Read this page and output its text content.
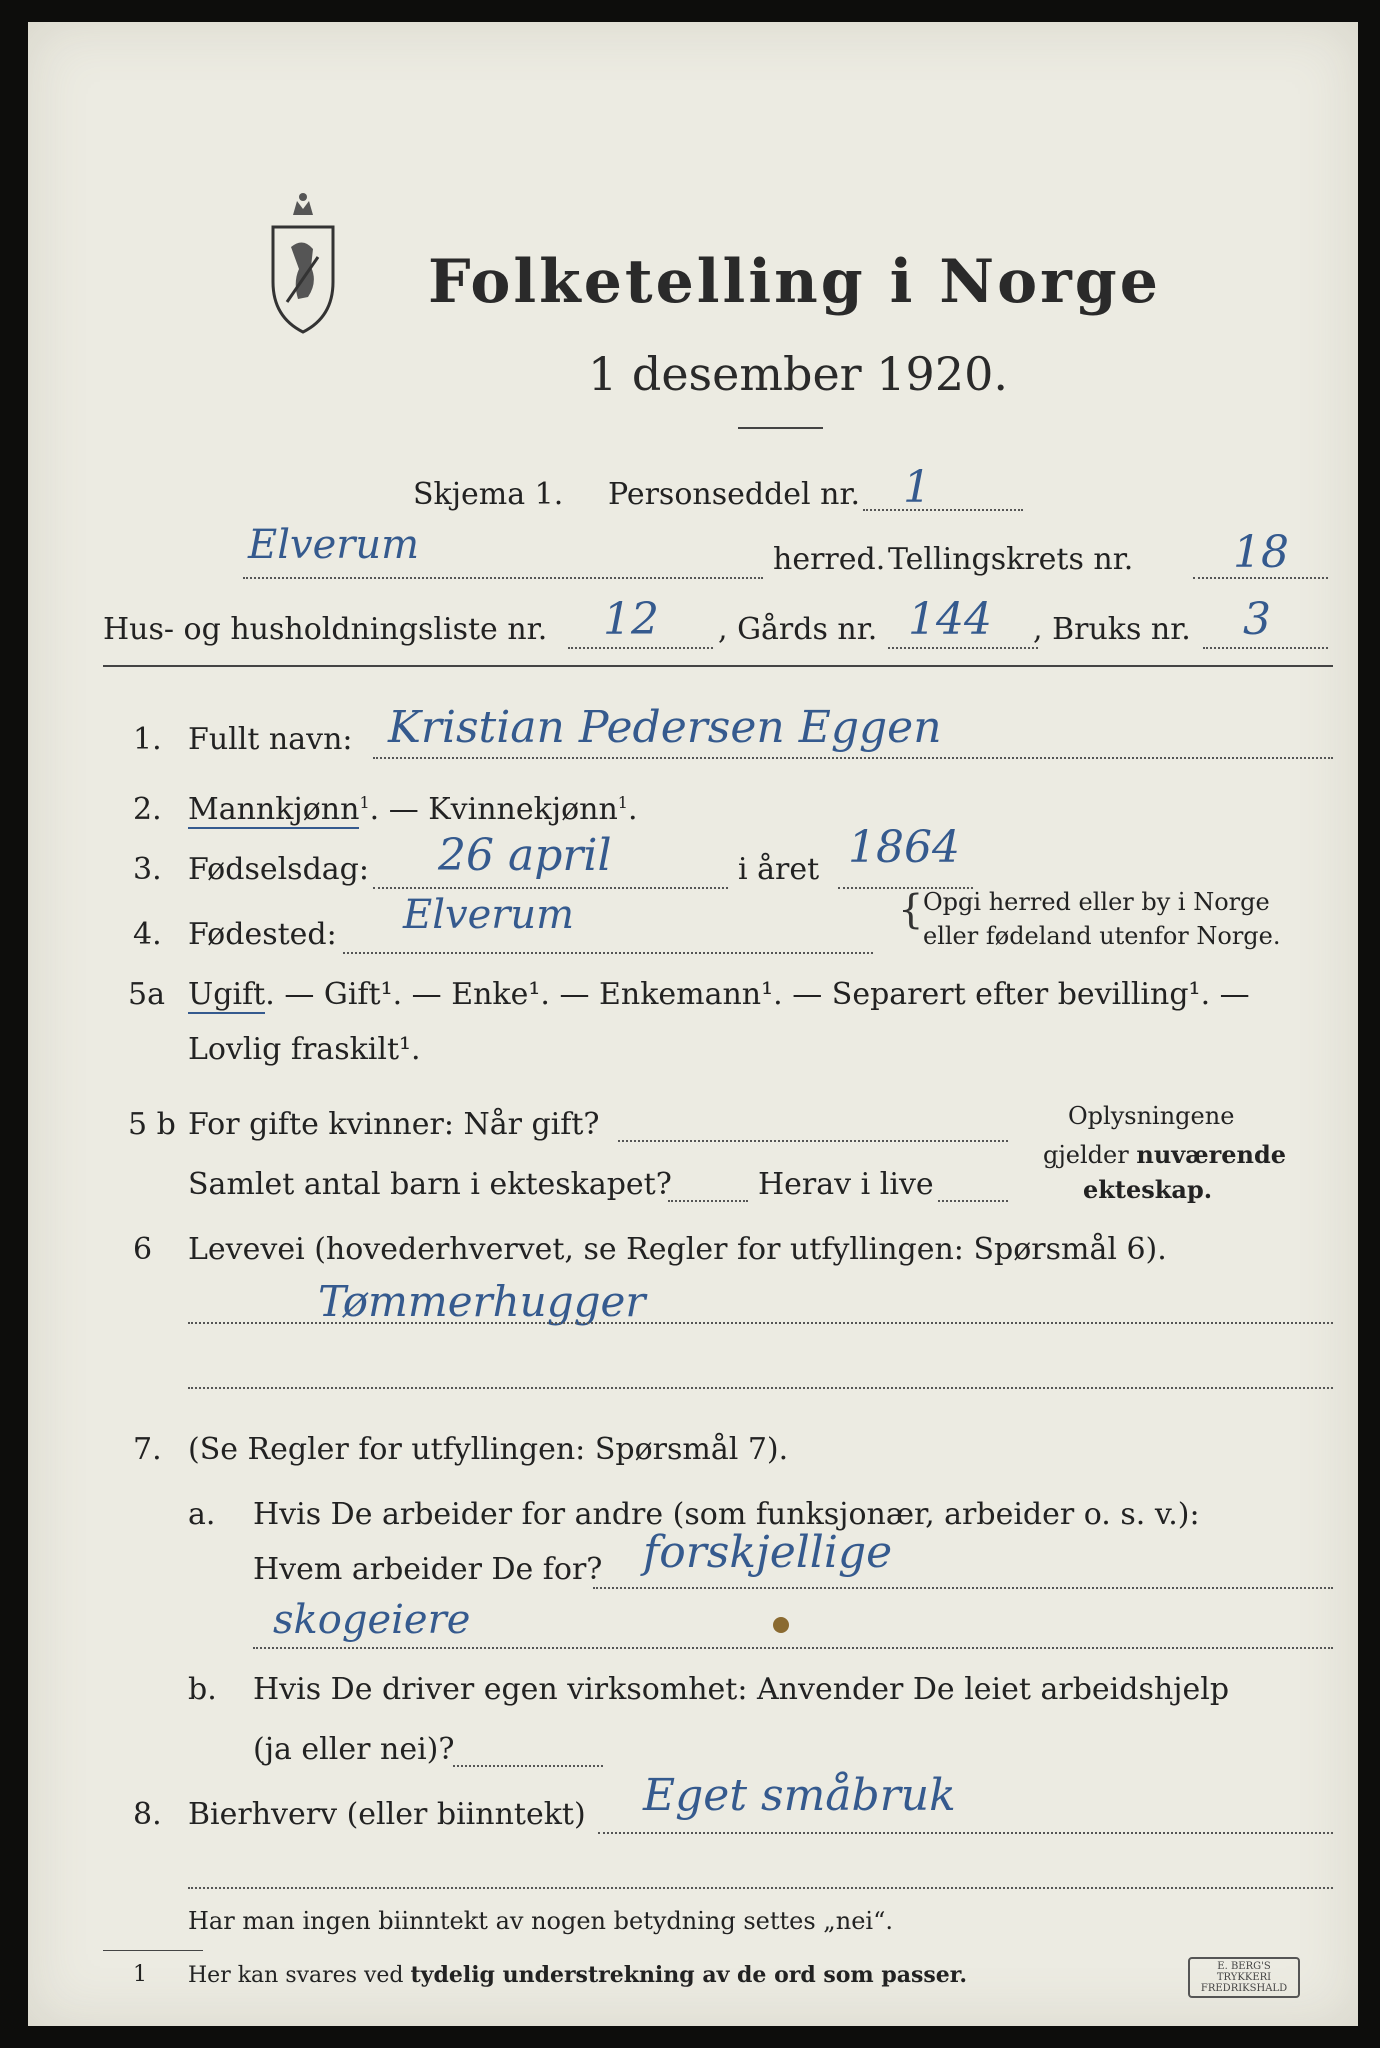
Folketelling i Norge
1 desember 1920.
Skjema 1. Personseddel nr. 1
Elverum	herred. Tellingskrets nr. 18
Hus- og husholdningsliste nr. 12 , Gårds nr. 144 , Bruks nr. 3
1. Fullt navn: Kristian Pedersen Eggen
2. Mannkjønn$^1$. — Kvinnekjønn$^1$.
3. Fødselsdag: 26 april	i året 1864
4. Fødested: Elverum	{ Opgi herred eller by i Norge
eller fødeland utenfor Norge.
5a Ugift. — Gift¹. — Enke¹. — Enkemann¹. — Separert efter bevilling¹. —
Lovlig fraskilt¹.
5 b For gifte kvinner: Når gift?
Samlet antal barn i ekteskapet?	Herav i live
Oplysningene
gjelder nuværende
ekteskap.
6 Levevei (hovederhvervet, se Regler for utfyllingen: Spørsmål 6).
Tømmerhugger
7. (Se Regler for utfyllingen: Spørsmål 7).
a. Hvis De arbeider for andre (som funksjonær, arbeider o. s. v.):
Hvem arbeider De for? forskjellige
skogeiere
b. Hvis De driver egen virksomhet: Anvender De leiet arbeidshjelp
(ja eller nei)?
8. Bierhverv (eller biinntekt) Eget småbruk
Har man ingen biinntekt av nogen betydning settes „nei“.
1 Her kan svares ved tydelig understrekning av de ord som passer.	E. BERG'S TRYKKERI FREDRIKSHALD
